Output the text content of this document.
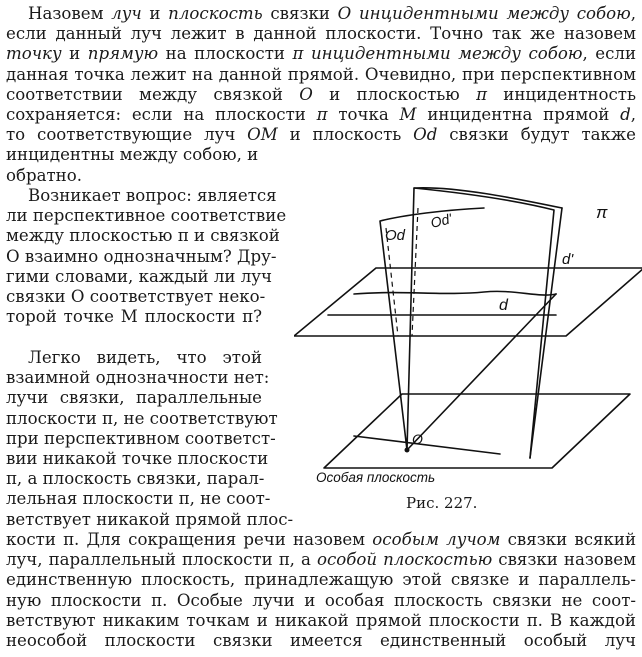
Назовем луч и плоскость связки O инцидентными между собою,
если данный луч лежит в данной плоскости. Точно так же назовем
точку и прямую на плоскости π инцидентными между собою, если
данная точка лежит на данной прямой. Очевидно, при перспективном
соответствии между связкой O и плоскостью π инцидентность
сохраняется: если на плоскости π точка M инцидентна прямой d,
то соответствующие луч OM и плоскость Od связки будут также
инцидентны между собою, и
обратно.
Возникает вопрос: является
ли перспективное соответствие
между плоскостью π и связкой
O взаимно однозначным? Дру-
гими словами, каждый ли луч
связки O соответствует неко-
торой точке M плоскости π?
Легко видеть, что этой
взаимной однозначности нет:
лучи связки, параллельные
плоскости π, не соответствуют
при перспективном соответст-
вии никакой точке плоскости
π, а плоскость связки, парал-
лельная плоскости π, не соот-
ветствует никакой прямой плос-
кости π. Для сокращения речи назовем особым лучом связки всякий
луч, параллельный плоскости π, а особой плоскостью связки назовем
единственную плоскость, принадлежащую этой связке и параллель-
ную плоскости π. Особые лучи и особая плоскость связки не соот-
ветствуют никаким точкам и никакой прямой плоскости π. В каждой
неособой плоскости связки имеется единственный особый луч
Od
π
d'
d
O
Особая плоскость
Od'
Рис. 227.
